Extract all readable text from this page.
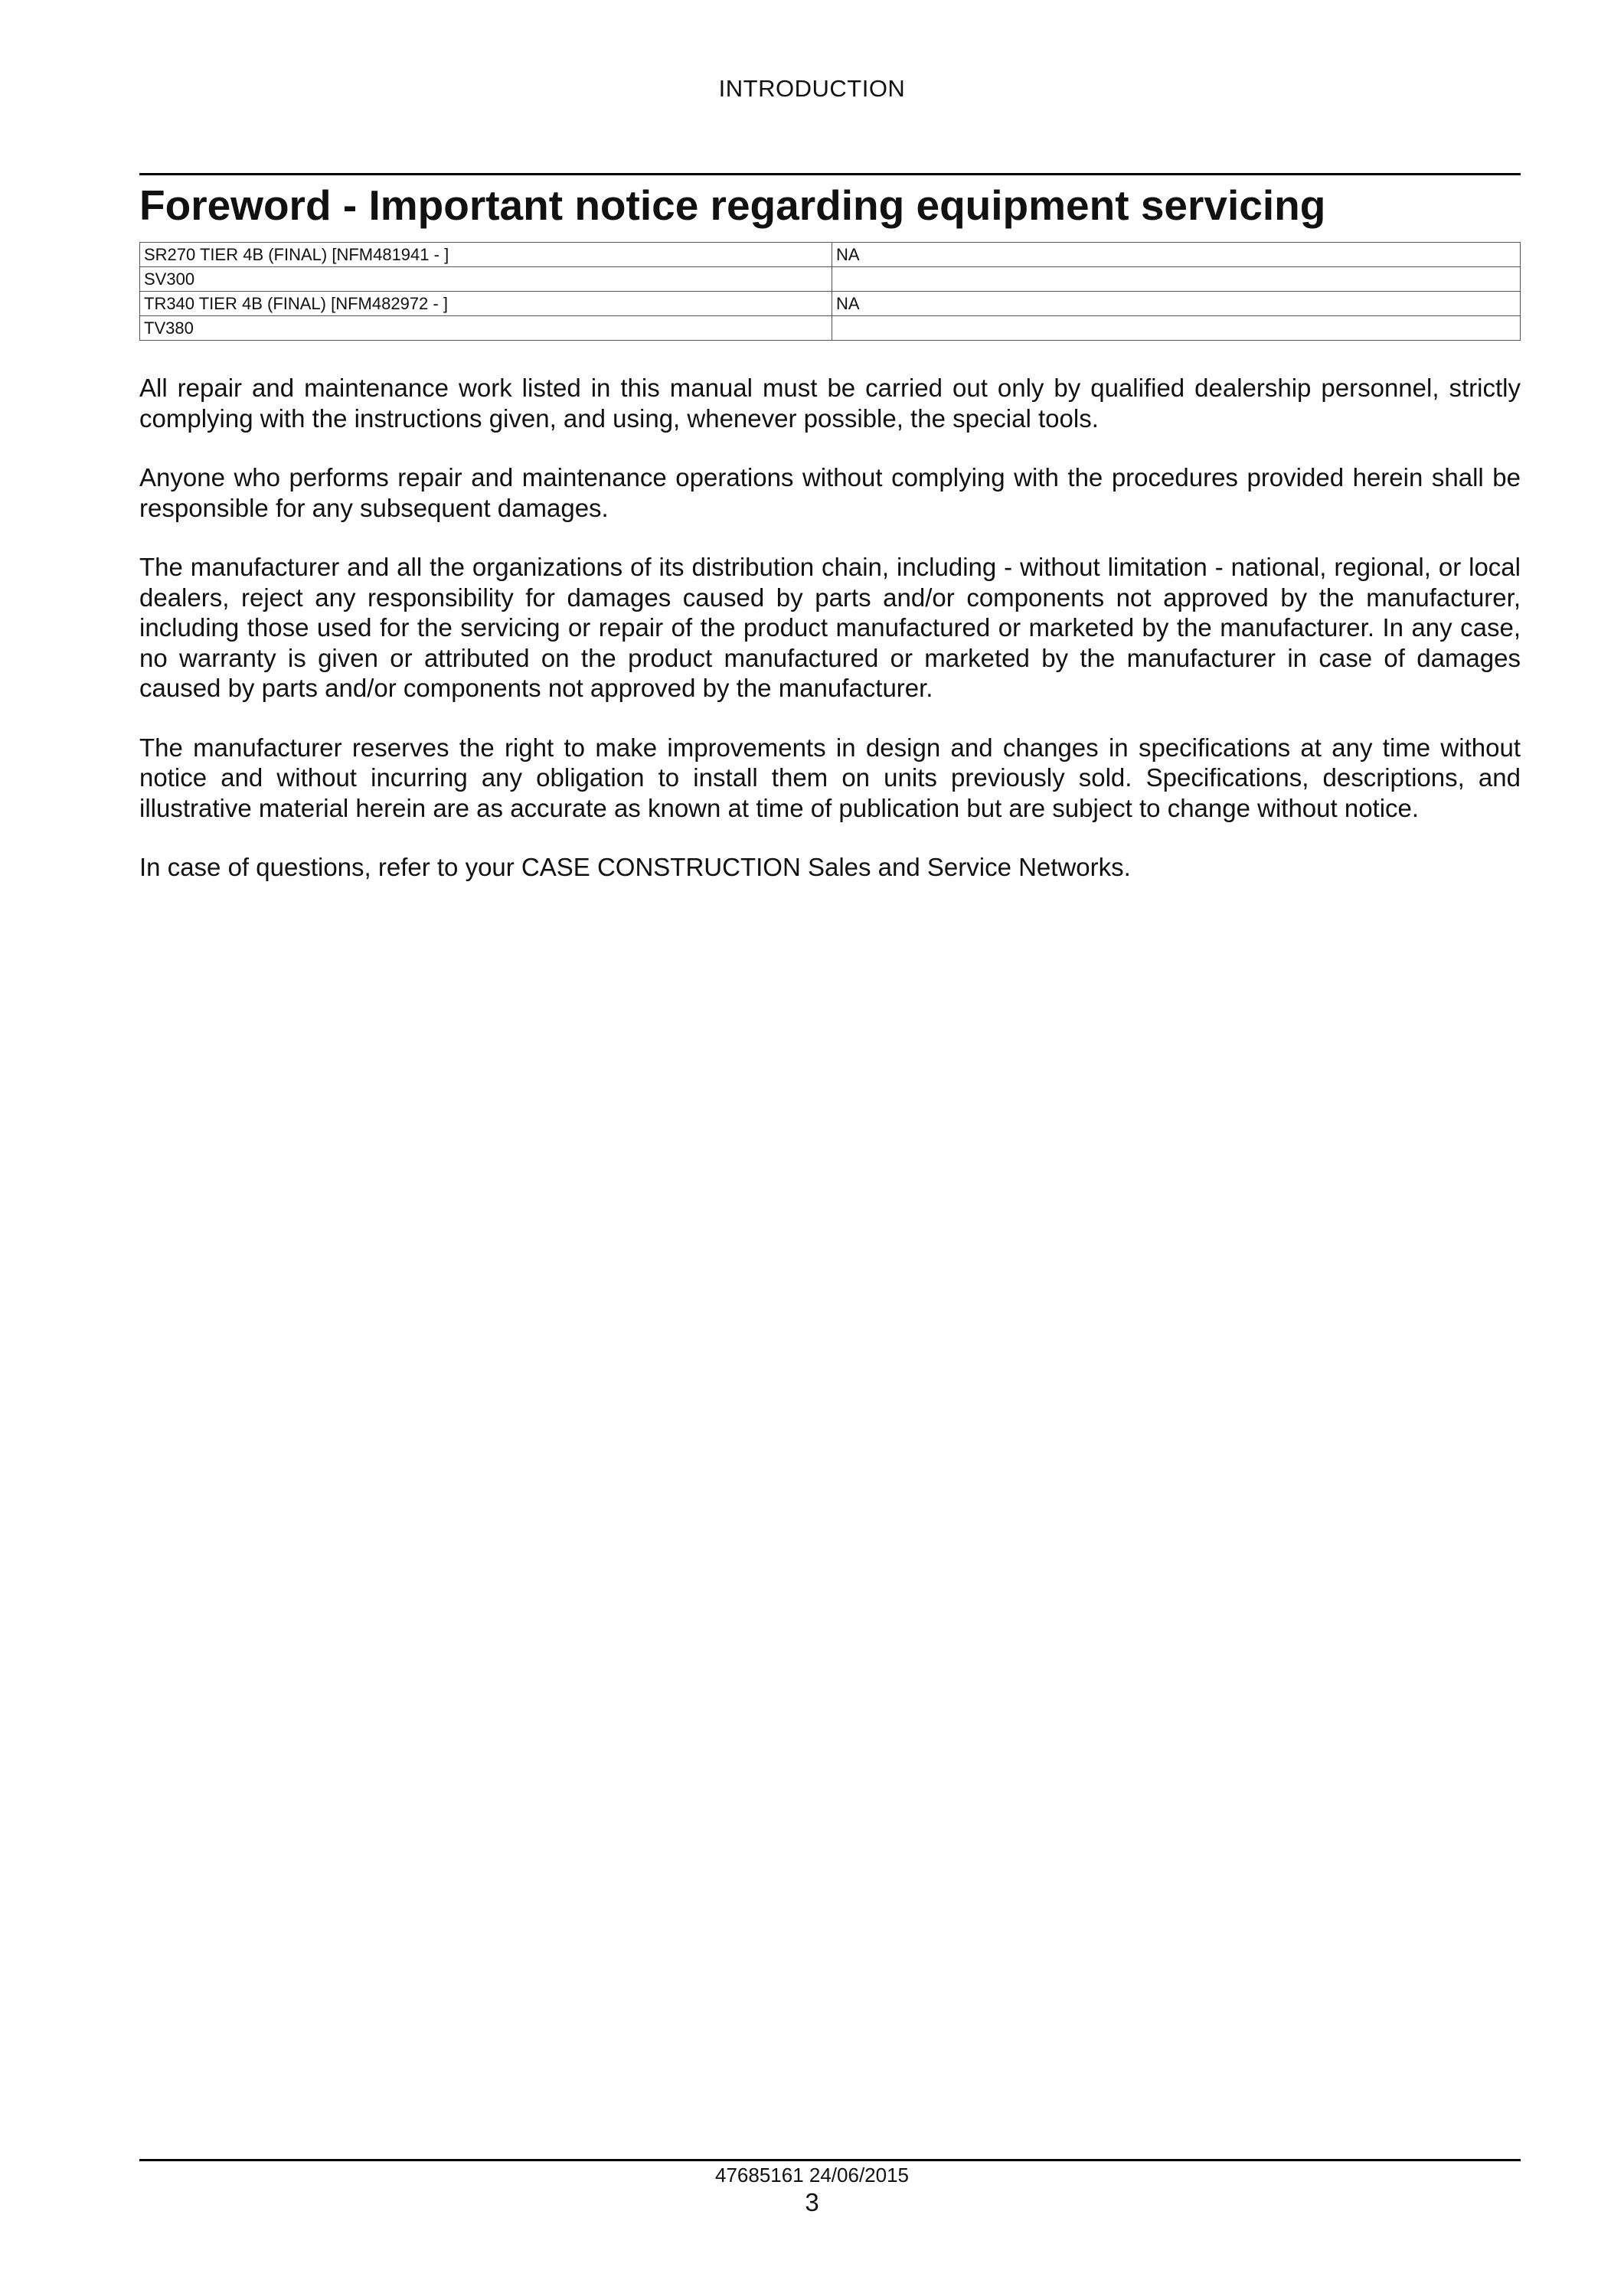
INTRODUCTION
Foreword - Important notice regarding equipment servicing
SR270 TIER 4B (FINAL) [NFM481941 - ]	NA
SV300	
TR340 TIER 4B (FINAL) [NFM482972 - ]	NA
TV380	

All repair and maintenance work listed in this manual must be carried out only by qualified dealership personnel, strictly complying with the instructions given, and using, whenever possible, the special tools.

Anyone who performs repair and maintenance operations without complying with the procedures provided herein shall be responsible for any subsequent damages.

The manufacturer and all the organizations of its distribution chain, including - without limitation - national, regional, or local dealers, reject any responsibility for damages caused by parts and/or components not approved by the manufacturer, including those used for the servicing or repair of the product manufactured or marketed by the manufacturer. In any case, no warranty is given or attributed on the product manufactured or marketed by the manufacturer in case of damages caused by parts and/or components not approved by the manufacturer.

The manufacturer reserves the right to make improvements in design and changes in specifications at any time without notice and without incurring any obligation to install them on units previously sold. Specifications, descriptions, and illustrative material herein are as accurate as known at time of publication but are subject to change without notice.

In case of questions, refer to your CASE CONSTRUCTION Sales and Service Networks.

47685161 24/06/2015
3
